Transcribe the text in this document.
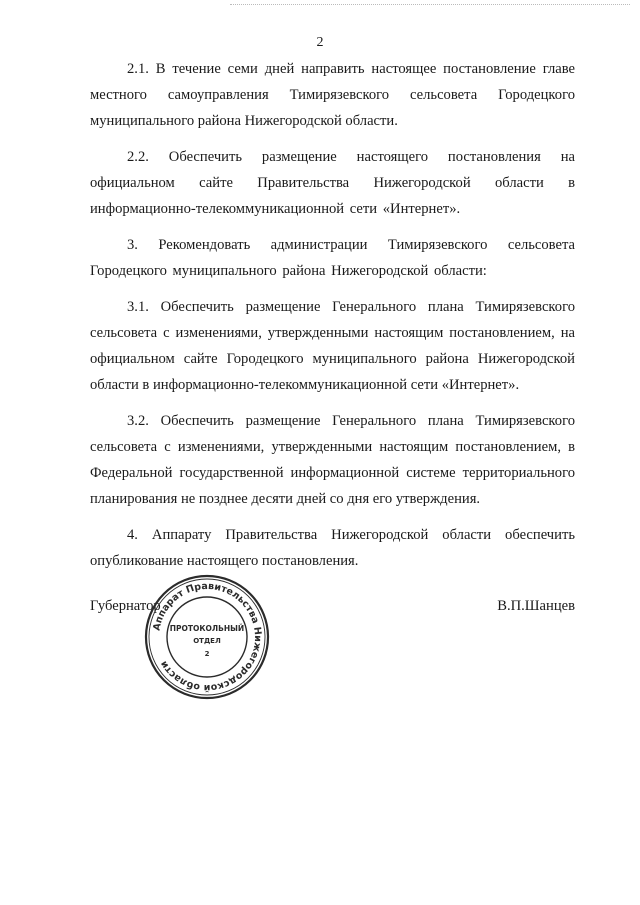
2

2.1. В течение семи дней направить настоящее постановление главе местного самоуправления Тимирязевского сельсовета Городецкого муниципального района Нижегородской области.

2.2. Обеспечить размещение настоящего постановления на официальном сайте Правительства Нижегородской области в информационно-телекоммуникационной сети «Интернет».

3. Рекомендовать администрации Тимирязевского сельсовета Городецкого муниципального района Нижегородской области:

3.1. Обеспечить размещение Генерального плана Тимирязевского сельсовета с изменениями, утвержденными настоящим постановлением, на официальном сайте Городецкого муниципального района Нижегородской области в информационно-телекоммуникационной сети «Интернет».

3.2. Обеспечить размещение Генерального плана Тимирязевского сельсовета с изменениями, утвержденными настоящим постановлением, в Федеральной государственной информационной системе территориального планирования не позднее десяти дней со дня его утверждения.

4. Аппарату Правительства Нижегородской области обеспечить опубликование настоящего постановления.

Губернатор	В.П.Шанцев
Аппарат Правительства Нижегородской области
ПРОТОКОЛЬНЫЙ
ОТДЕЛ
2
